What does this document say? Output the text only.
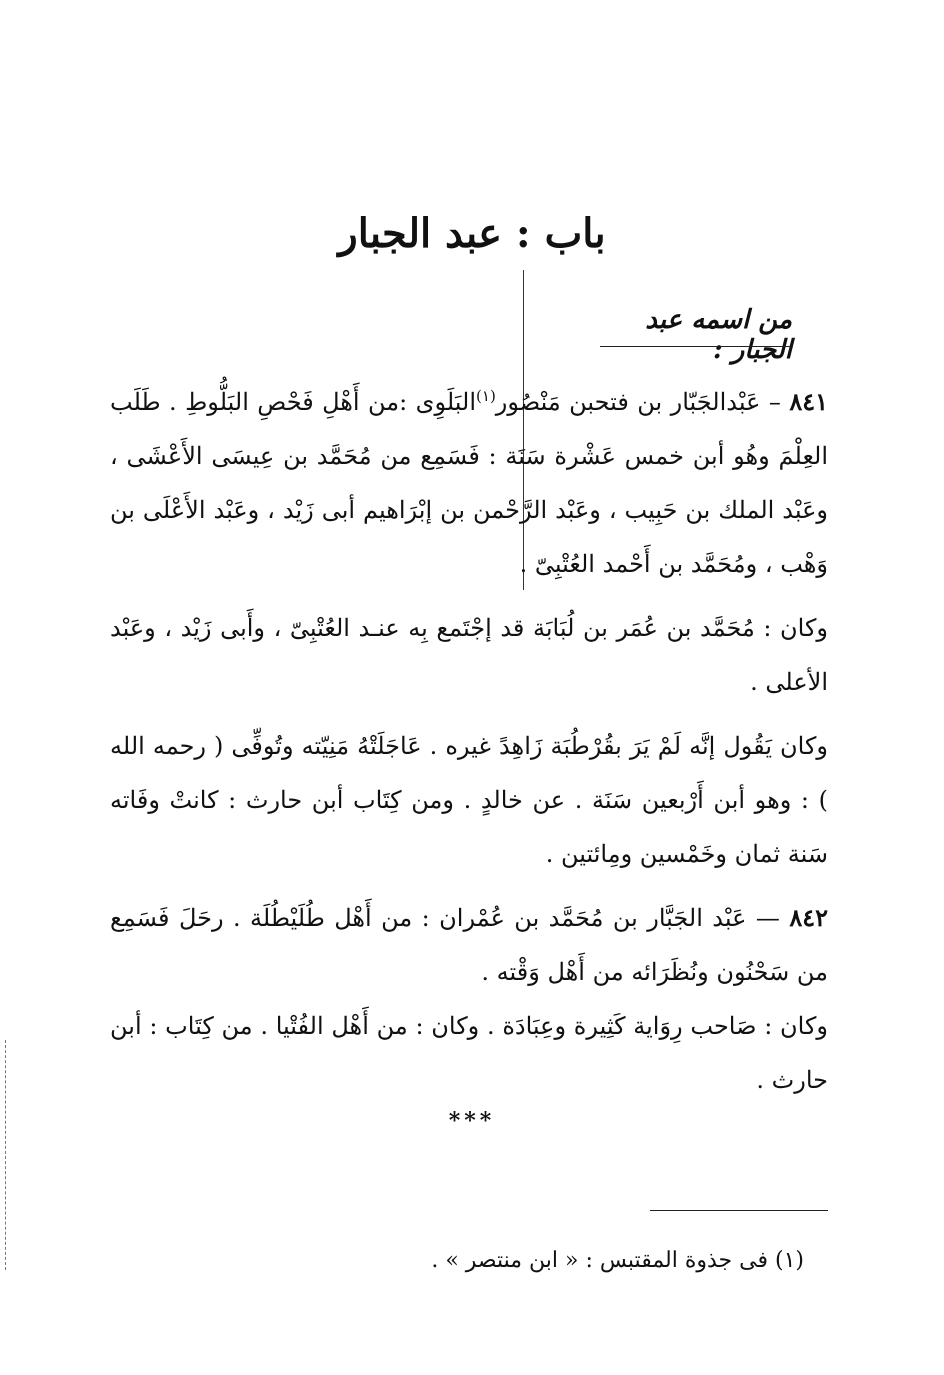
باب : عبد الجبار
من اسمه عبد الجبار :

٨٤١ – عَبْدالجَبّار بن فتحبن مَنْصُور$^{(١)}$البَلَوِى :من أَهْلِ فَحْصِ البَلُّوطِ . طَلَب العِلْمَ وهُو أبن خمس عَشْرة سَنَة : فَسَمِع من مُحَمَّد بن عِيسَى الأَعْشَى ، وعَبْد الملك بن حَبِيب ، وعَبْد الرَّحْمن بن إبْرَاهيم أبى زَيْد ، وعَبْد الأَعْلَى بن وَهْب ، ومُحَمَّد بن أَحْمد العُتْبِىّ .

وكان : مُحَمَّد بن عُمَر بن لُبَابَة قد إجْتَمع بِه عنـد العُتْبِىّ ، وأَبى زَيْد ، وعَبْد الأعلى .

وكان يَقُول إنَّه لَمْ يَرَ بقُرْطُبَة زَاهِدً غيره . عَاجَلَتْهُ مَنِيّته وتُوفِّى ( رحمه الله ) : وهو أبن أَرْبعين سَنَة . عن خالدٍ . ومن كِتَاب أبن حارث : كانتْ وفَاته سَنة ثمان وخَمْسين ومِائتين .

٨٤٢ — عَبْد الجَبَّار بن مُحَمَّد بن عُمْران : من أَهْل طُلَيْطُلَة . رحَلَ فَسَمِع من سَحْنُون ونُظَرَائه من أَهْل وَقْته .

وكان : صَاحب رِوَاية كَثِيرة وعِبَادَة . وكان : من أَهْل الفُتْيا . من كِتَاب : أبن حارث .

***
(١) فى جذوة المقتبس : « ابن منتصر » .
